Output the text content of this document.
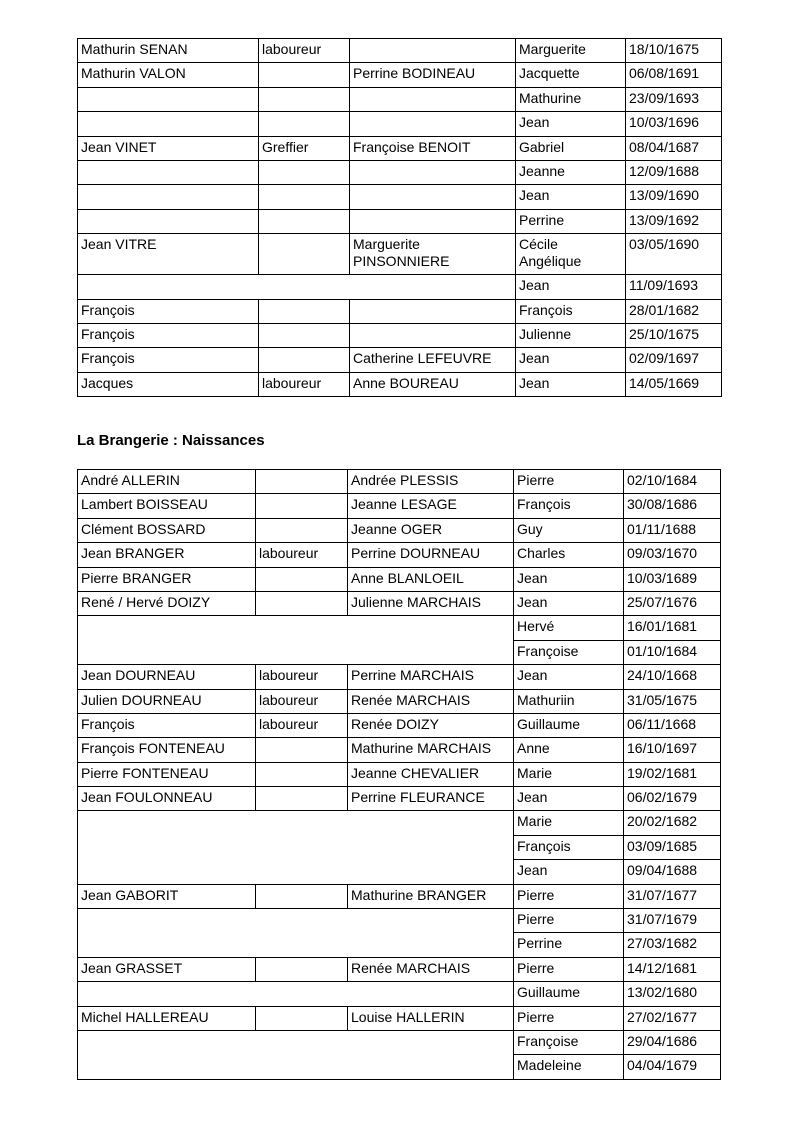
Mathurin SENAN	laboureur		Marguerite	18/10/1675
Mathurin VALON		Perrine BODINEAU	Jacquette	06/08/1691
			Mathurine	23/09/1693
			Jean	10/03/1696
Jean VINET	Greffier	Françoise BENOIT	Gabriel	08/04/1687
			Jeanne	12/09/1688
			Jean	13/09/1690
			Perrine	13/09/1692
Jean VITRE		Marguerite PINSONNIERE	Cécile Angélique	03/05/1690
			Jean	11/09/1693
François			François	28/01/1682
François			Julienne	25/10/1675
François		Catherine LEFEUVRE	Jean	02/09/1697
Jacques	laboureur	Anne BOUREAU	Jean	14/05/1669
La Brangerie : Naissances
André ALLERIN		Andrée PLESSIS	Pierre	02/10/1684
Lambert BOISSEAU		Jeanne LESAGE	François	30/08/1686
Clément BOSSARD		Jeanne OGER	Guy	01/11/1688
Jean BRANGER	laboureur	Perrine DOURNEAU	Charles	09/03/1670
Pierre BRANGER		Anne BLANLOEIL	Jean	10/03/1689
René / Hervé DOIZY		Julienne MARCHAIS	Jean	25/07/1676
			Hervé	16/01/1681
			Françoise	01/10/1684
Jean DOURNEAU	laboureur	Perrine MARCHAIS	Jean	24/10/1668
Julien DOURNEAU	laboureur	Renée MARCHAIS	Mathuriin	31/05/1675
François	laboureur	Renée DOIZY	Guillaume	06/11/1668
François FONTENEAU		Mathurine MARCHAIS	Anne	16/10/1697
Pierre FONTENEAU		Jeanne CHEVALIER	Marie	19/02/1681
Jean FOULONNEAU		Perrine FLEURANCE	Jean	06/02/1679
			Marie	20/02/1682
			François	03/09/1685
			Jean	09/04/1688
Jean GABORIT		Mathurine BRANGER	Pierre	31/07/1677
			Pierre	31/07/1679
			Perrine	27/03/1682
Jean GRASSET		Renée MARCHAIS	Pierre	14/12/1681
			Guillaume	13/02/1680
Michel HALLEREAU		Louise HALLERIN	Pierre	27/02/1677
			Françoise	29/04/1686
			Madeleine	04/04/1679
